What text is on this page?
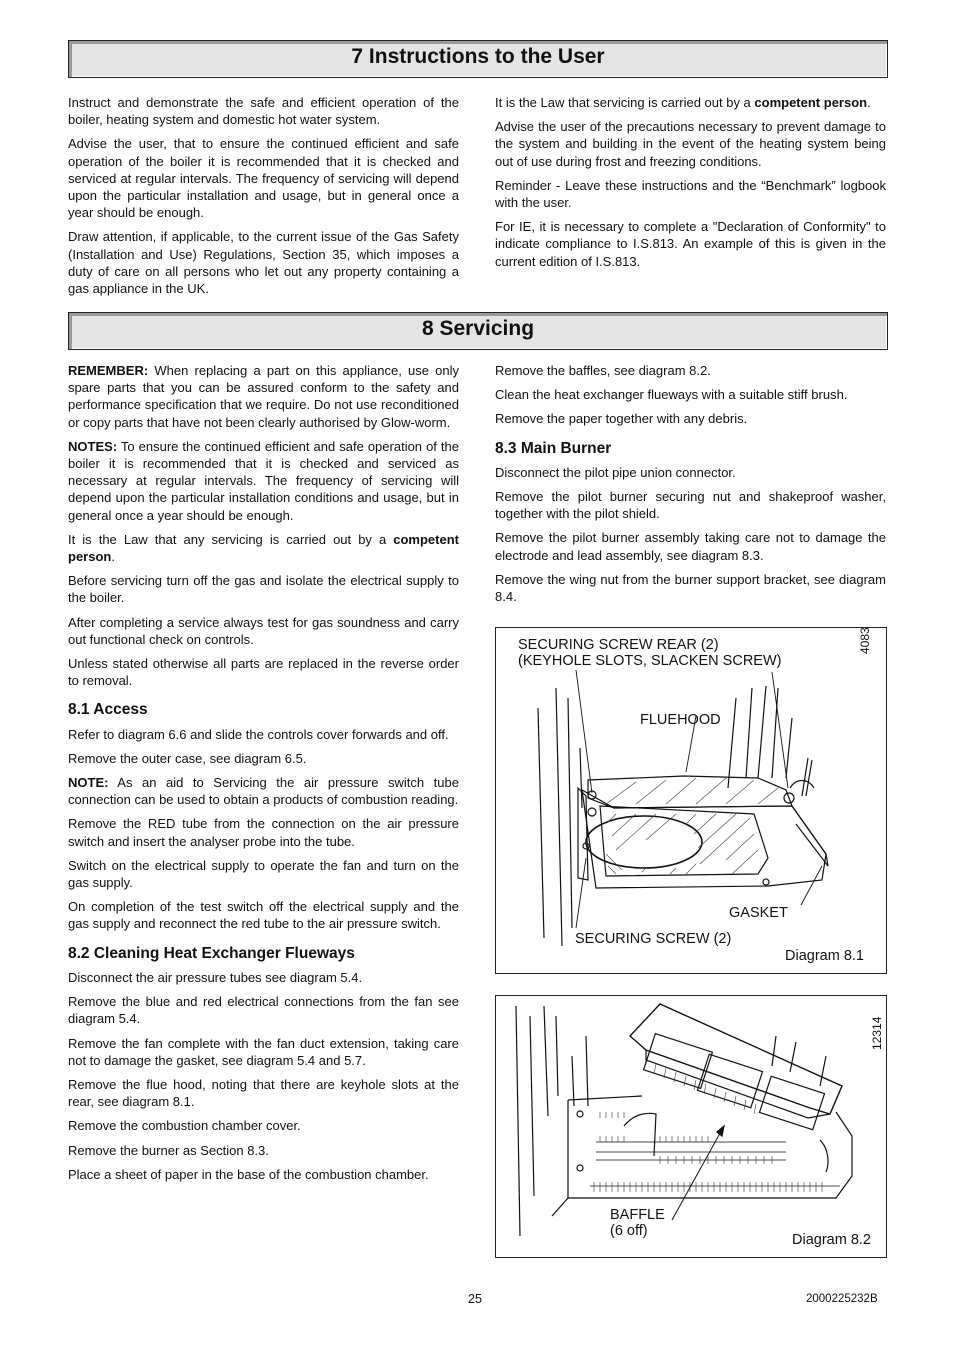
7 Instructions to the User

Instruct and demonstrate the safe and efficient operation of the boiler, heating system and domestic hot water system.

Advise the user, that to ensure the continued efficient and safe operation of the boiler it is recommended that it is checked and serviced at regular intervals. The frequency of servicing will depend upon the particular installation and usage, but in general once a year should be enough.

Draw attention, if applicable, to the current issue of the Gas Safety (Installation and Use) Regulations, Section 35, which imposes a duty of care on all persons who let out any property containing a gas appliance in the UK.

It is the Law that servicing is carried out by a competent person.

Advise the user of the precautions necessary to prevent damage to the system and building in the event of the heating system being out of use during frost and freezing conditions.

Reminder - Leave these instructions and the “Benchmark” logbook with the user.

For IE, it is necessary to complete a "Declaration of Conformity" to indicate compliance to I.S.813. An example of this is given in the current edition of I.S.813.

8 Servicing

REMEMBER: When replacing a part on this appliance, use only spare parts that you can be assured conform to the safety and performance specification that we require. Do not use reconditioned or copy parts that have not been clearly authorised by Glow-worm.

NOTES: To ensure the continued efficient and safe operation of the boiler it is recommended that it is checked and serviced as necessary at regular intervals. The frequency of servicing will depend upon the particular installation conditions and usage, but in general once a year should be enough.

It is the Law that any servicing is carried out by a competent person.

Before servicing turn off the gas and isolate the electrical supply to the boiler.

After completing a service always test for gas soundness and carry out functional check on controls.

Unless stated otherwise all parts are replaced in the reverse order to removal.

8.1 Access

Refer to diagram 6.6 and slide the controls cover forwards and off.

Remove the outer case, see diagram 6.5.

NOTE: As an aid to Servicing the air pressure switch tube connection can be used to obtain a products of combustion reading.

Remove the RED tube from the connection on the air pressure switch and insert the analyser probe into the tube.

Switch on the electrical supply to operate the fan and turn on the gas supply.

On completion of the test switch off the electrical supply and the gas supply and reconnect the red tube to the air pressure switch.

8.2 Cleaning Heat Exchanger Flueways

Disconnect the air pressure tubes see diagram 5.4.

Remove the blue and red electrical connections from the fan see diagram 5.4.

Remove the fan complete with the fan duct extension, taking care not to damage the gasket, see diagram 5.4 and 5.7.

Remove the flue hood, noting that there are keyhole slots at the rear, see diagram 8.1.

Remove the combustion chamber cover.

Remove the burner as Section 8.3.

Place a sheet of paper in the base of the combustion chamber.

Remove the baffles, see diagram 8.2.

Clean the heat exchanger flueways with a suitable stiff brush.

Remove the paper together with any debris.

8.3 Main Burner

Disconnect the pilot pipe union connector.

Remove the pilot burner securing nut and shakeproof washer, together with the pilot shield.

Remove the pilot burner assembly taking care not to damage the electrode and lead assembly, see diagram 8.3.

Remove the wing nut from the burner support bracket, see diagram 8.4.

SECURING SCREW REAR (2)
(KEYHOLE SLOTS, SLACKEN SCREW)
FLUEHOOD
GASKET
SECURING SCREW (2)
Diagram 8.1
4083
BAFFLE
(6 off)
Diagram 8.2
12314
25	2000225232B
